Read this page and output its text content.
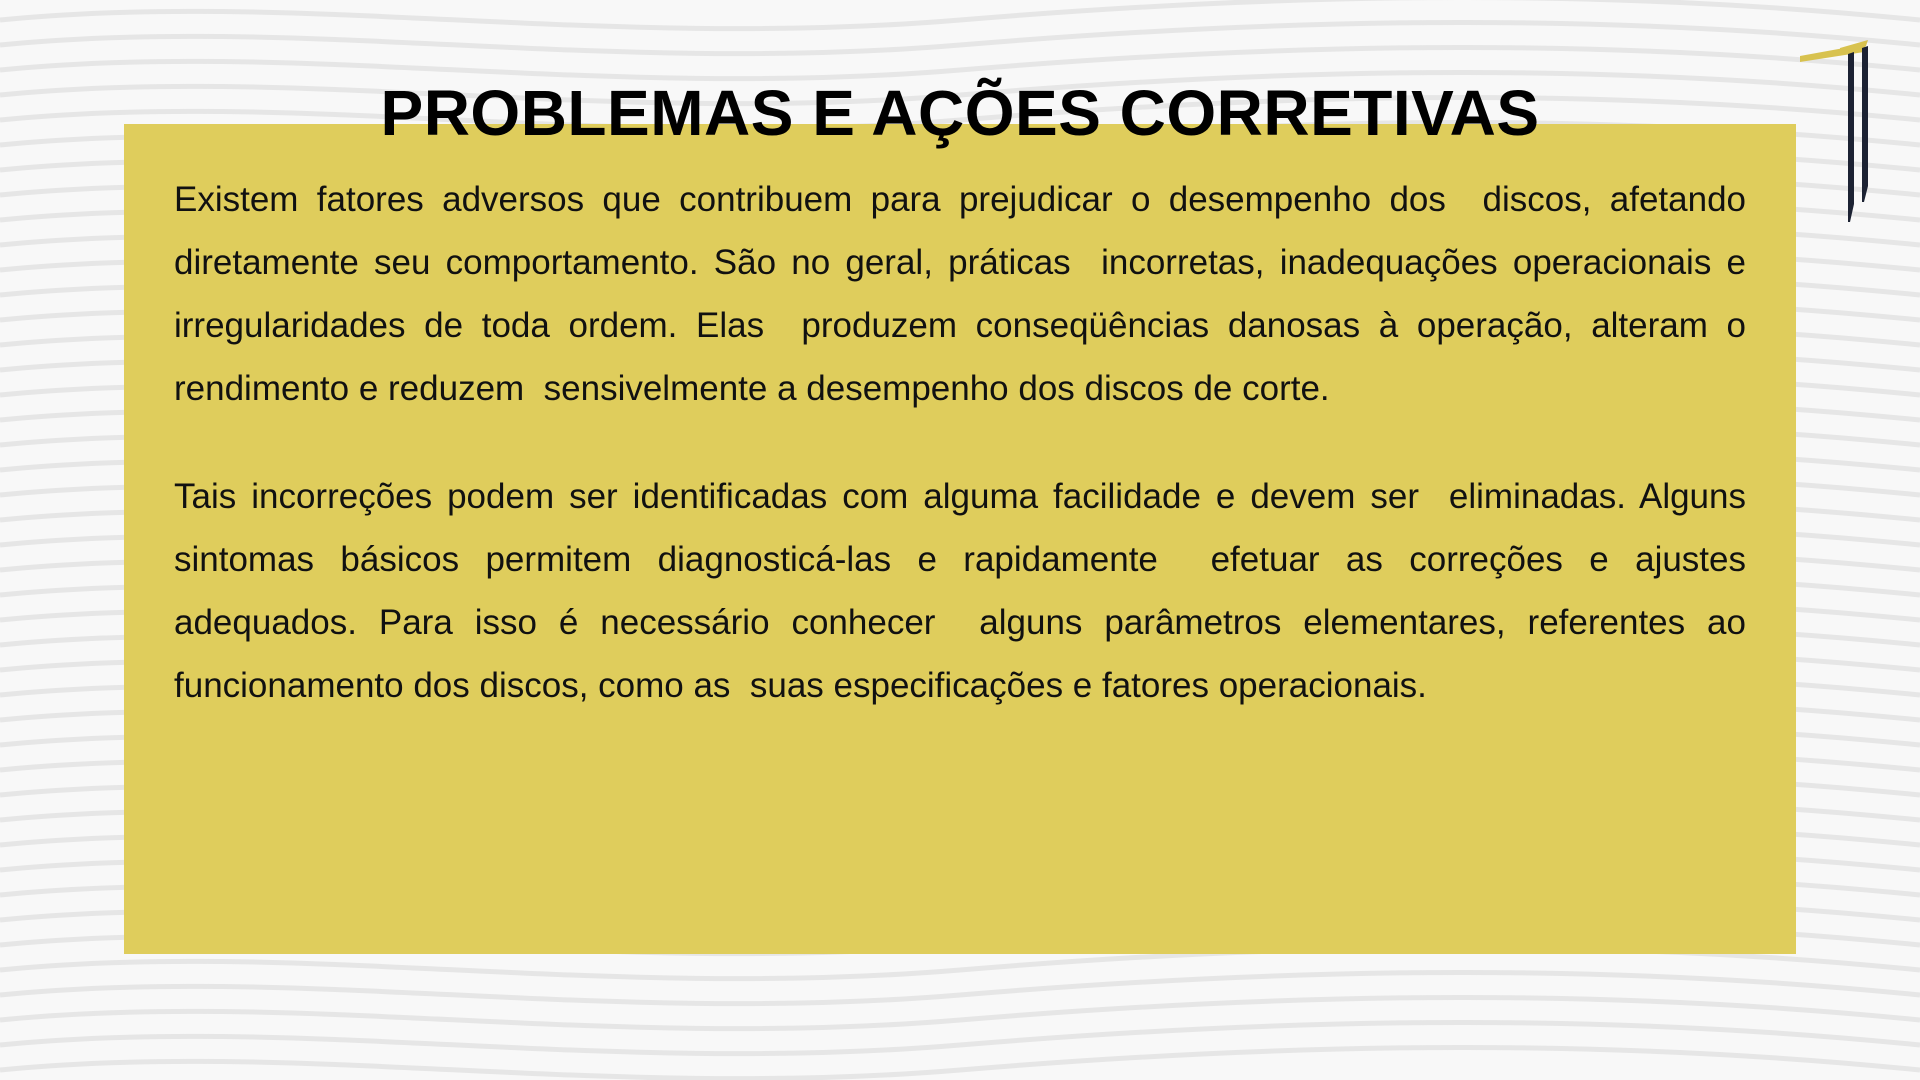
PROBLEMAS E AÇÕES CORRETIVAS

Existem fatores adversos que contribuem para prejudicar o desempenho dos  discos, afetando diretamente seu comportamento. São no geral, práticas  incorretas, inadequações operacionais e irregularidades de toda ordem. Elas  produzem conseqüências danosas à operação, alteram o rendimento e reduzem  sensivelmente a desempenho dos discos de corte.

Tais incorreções podem ser identificadas com alguma facilidade e devem ser  eliminadas. Alguns sintomas básicos permitem diagnosticá-las e rapidamente  efetuar as correções e ajustes adequados. Para isso é necessário conhecer  alguns parâmetros elementares, referentes ao funcionamento dos discos, como as  suas especificações e fatores operacionais.
